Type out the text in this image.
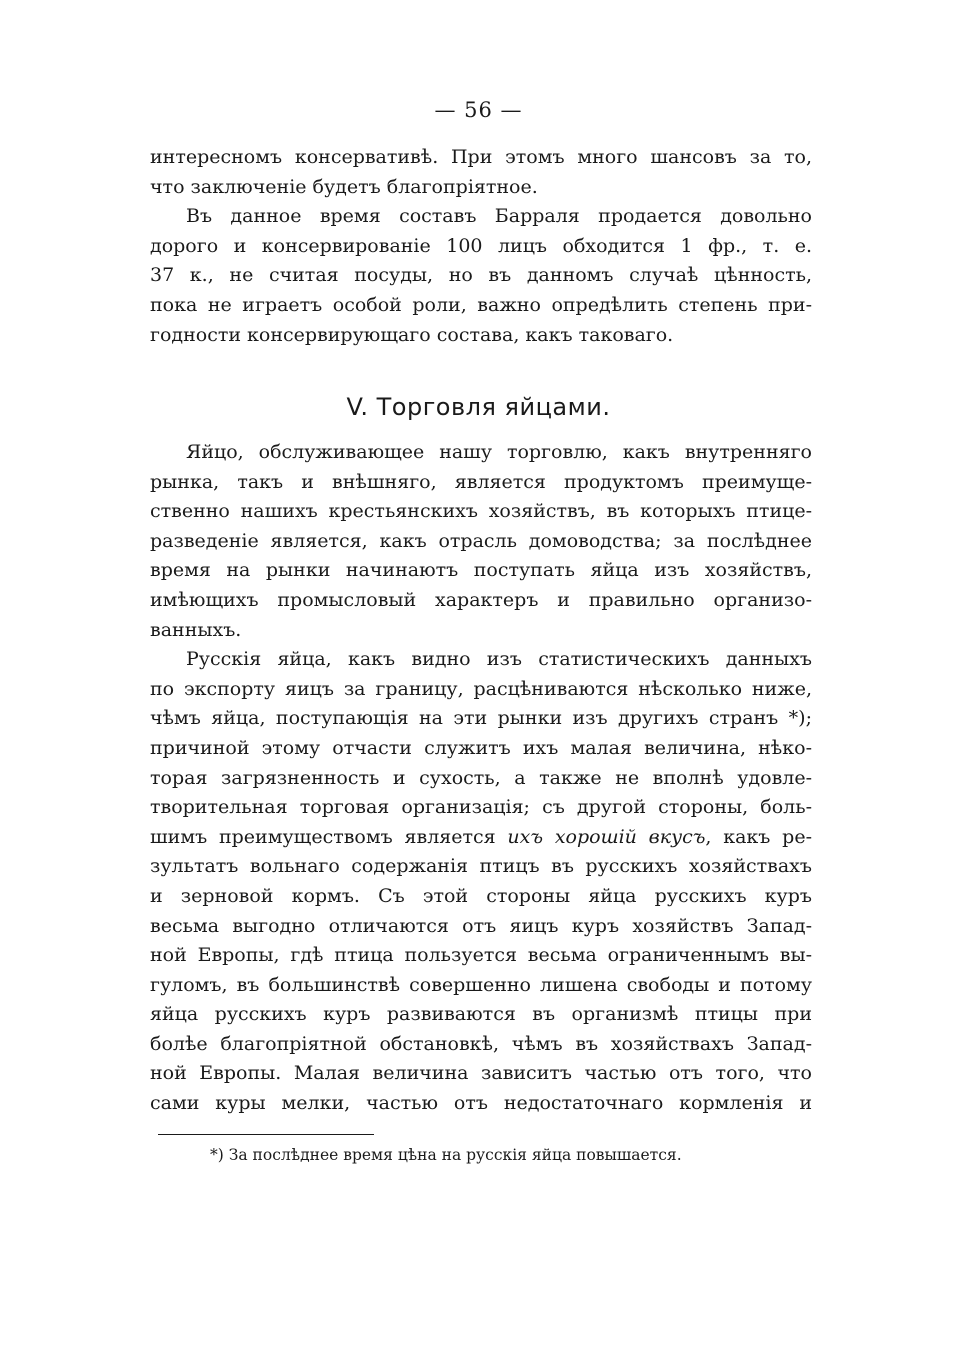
— 56 —
интересномъ консервативѣ. При этомъ много шансовъ за то,
что заключеніе будетъ благопріятное.
Въ данное время составъ Барраля продается довольно
дорого и консервированіе 100 лицъ обходится 1 фр., т. е.
37 к., не считая посуды, но въ данномъ случаѣ цѣнность,
пока не играетъ особой роли, важно опредѣлить степень при-
годности консервирующаго состава, какъ таковаго.
V. Торговля яйцами.
Яйцо, обслуживающее нашу торговлю, какъ внутренняго
рынка, такъ и внѣшняго, является продуктомъ преимуще-
ственно нашихъ крестьянскихъ хозяйствъ, въ которыхъ птице-
разведеніе является, какъ отрасль домоводства; за послѣднее
время на рынки начинаютъ поступать яйца изъ хозяйствъ,
имѣющихъ промысловый характеръ и правильно организо-
ванныхъ.
Русскія яйца, какъ видно изъ статистическихъ данныхъ
по экспорту яицъ за границу, расцѣниваются нѣсколько ниже,
чѣмъ яйца, поступающія на эти рынки изъ другихъ странъ *);
причиной этому отчасти служитъ ихъ малая величина, нѣко-
торая загрязненность и сухость, а также не вполнѣ удовле-
творительная торговая организація; съ другой стороны, боль-
шимъ преимуществомъ является ихъ хорошій вкусъ, какъ ре-
зультатъ вольнаго содержанія птицъ въ русскихъ хозяйствахъ
и зерновой кормъ. Съ этой стороны яйца русскихъ куръ
весьма выгодно отличаются отъ яицъ куръ хозяйствъ Запад-
ной Европы, гдѣ птица пользуется весьма ограниченнымъ вы-
гуломъ, въ большинствѣ совершенно лишена свободы и потому
яйца русскихъ куръ развиваются въ организмѣ птицы при
болѣе благопріятной обстановкѣ, чѣмъ въ хозяйствахъ Запад-
ной Европы. Малая величина зависитъ частью отъ того, что
сами куры мелки, частью отъ недостаточнаго кормленія и
*) За послѣднее время цѣна на русскія яйца повышается.
